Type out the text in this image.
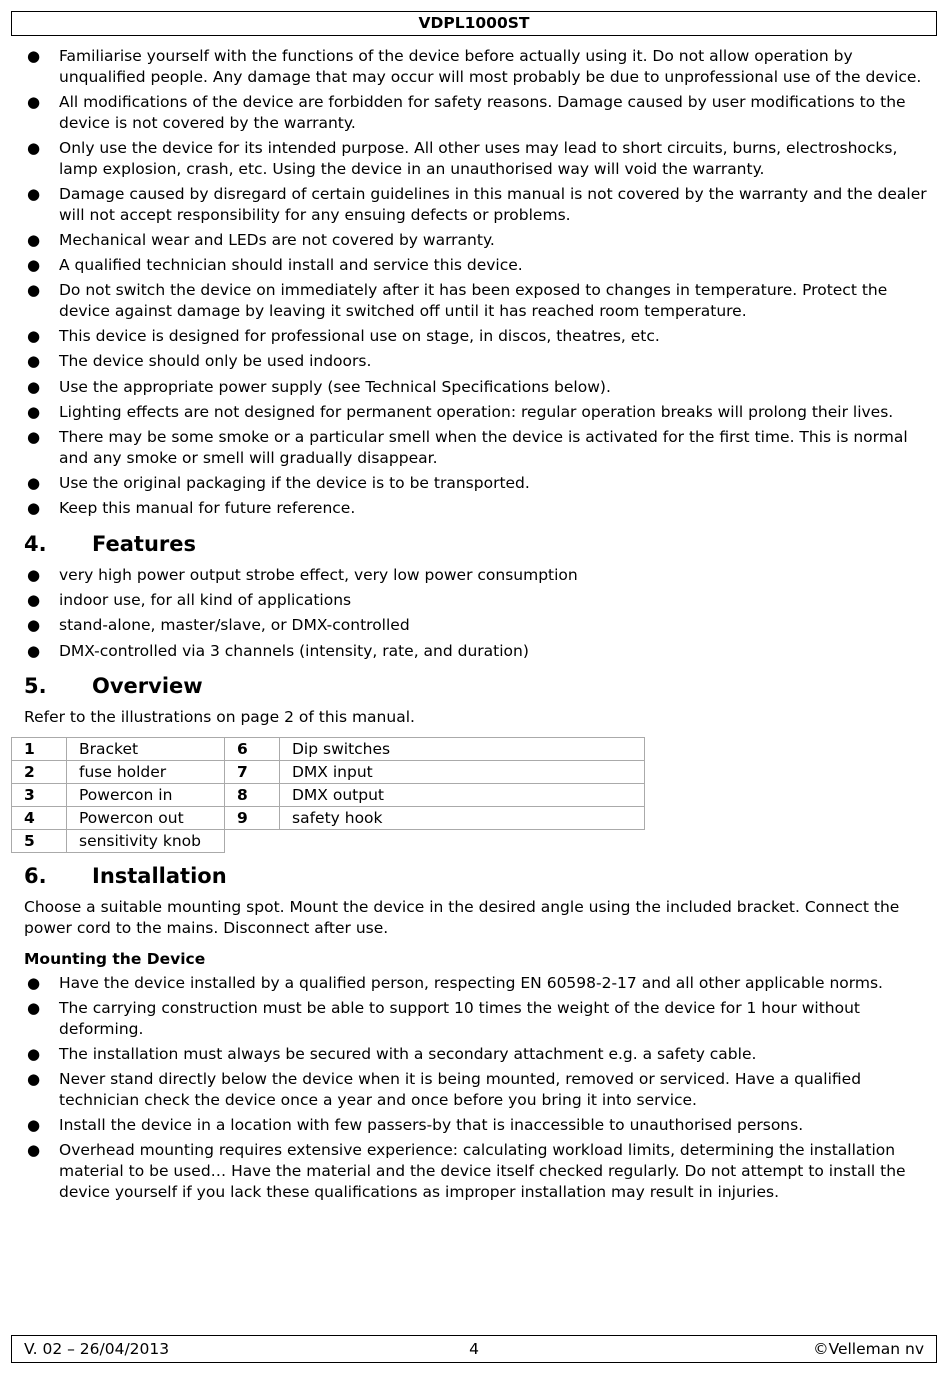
VDPL1000ST
● Familiarise yourself with the functions of the device before actually using it. Do not allow operation by unqualified people. Any damage that may occur will most probably be due to unprofessional use of the device.
● All modifications of the device are forbidden for safety reasons. Damage caused by user modifications to the device is not covered by the warranty.
● Only use the device for its intended purpose. All other uses may lead to short circuits, burns, electroshocks, lamp explosion, crash, etc. Using the device in an unauthorised way will void the warranty.
● Damage caused by disregard of certain guidelines in this manual is not covered by the warranty and the dealer will not accept responsibility for any ensuing defects or problems.
● Mechanical wear and LEDs are not covered by warranty.
● A qualified technician should install and service this device.
● Do not switch the device on immediately after it has been exposed to changes in temperature. Protect the device against damage by leaving it switched off until it has reached room temperature.
● This device is designed for professional use on stage, in discos, theatres, etc.
● The device should only be used indoors.
● Use the appropriate power supply (see Technical Specifications below).
● Lighting effects are not designed for permanent operation: regular operation breaks will prolong their lives.
● There may be some smoke or a particular smell when the device is activated for the first time. This is normal and any smoke or smell will gradually disappear.
● Use the original packaging if the device is to be transported.
● Keep this manual for future reference.
4.	Features
● very high power output strobe effect, very low power consumption
● indoor use, for all kind of applications
● stand-alone, master/slave, or DMX-controlled
● DMX-controlled via 3 channels (intensity, rate, and duration)
5.	Overview

Refer to the illustrations on page 2 of this manual.

1	Bracket	6	Dip switches
2	fuse holder	7	DMX input
3	Powercon in	8	DMX output
4	Powercon out	9	safety hook
5	sensitivity knob		
6.	Installation

Choose a suitable mounting spot. Mount the device in the desired angle using the included bracket. Connect the power cord to the mains. Disconnect after use.

Mounting the Device
● Have the device installed by a qualified person, respecting EN 60598-2-17 and all other applicable norms.
● The carrying construction must be able to support 10 times the weight of the device for 1 hour without deforming.
● The installation must always be secured with a secondary attachment e.g. a safety cable.
● Never stand directly below the device when it is being mounted, removed or serviced. Have a qualified technician check the device once a year and once before you bring it into service.
● Install the device in a location with few passers-by that is inaccessible to unauthorised persons.
● Overhead mounting requires extensive experience: calculating workload limits, determining the installation material to be used… Have the material and the device itself checked regularly. Do not attempt to install the device yourself if you lack these qualifications as improper installation may result in injuries.
V. 02 – 26/04/2013	4	©Velleman nv
